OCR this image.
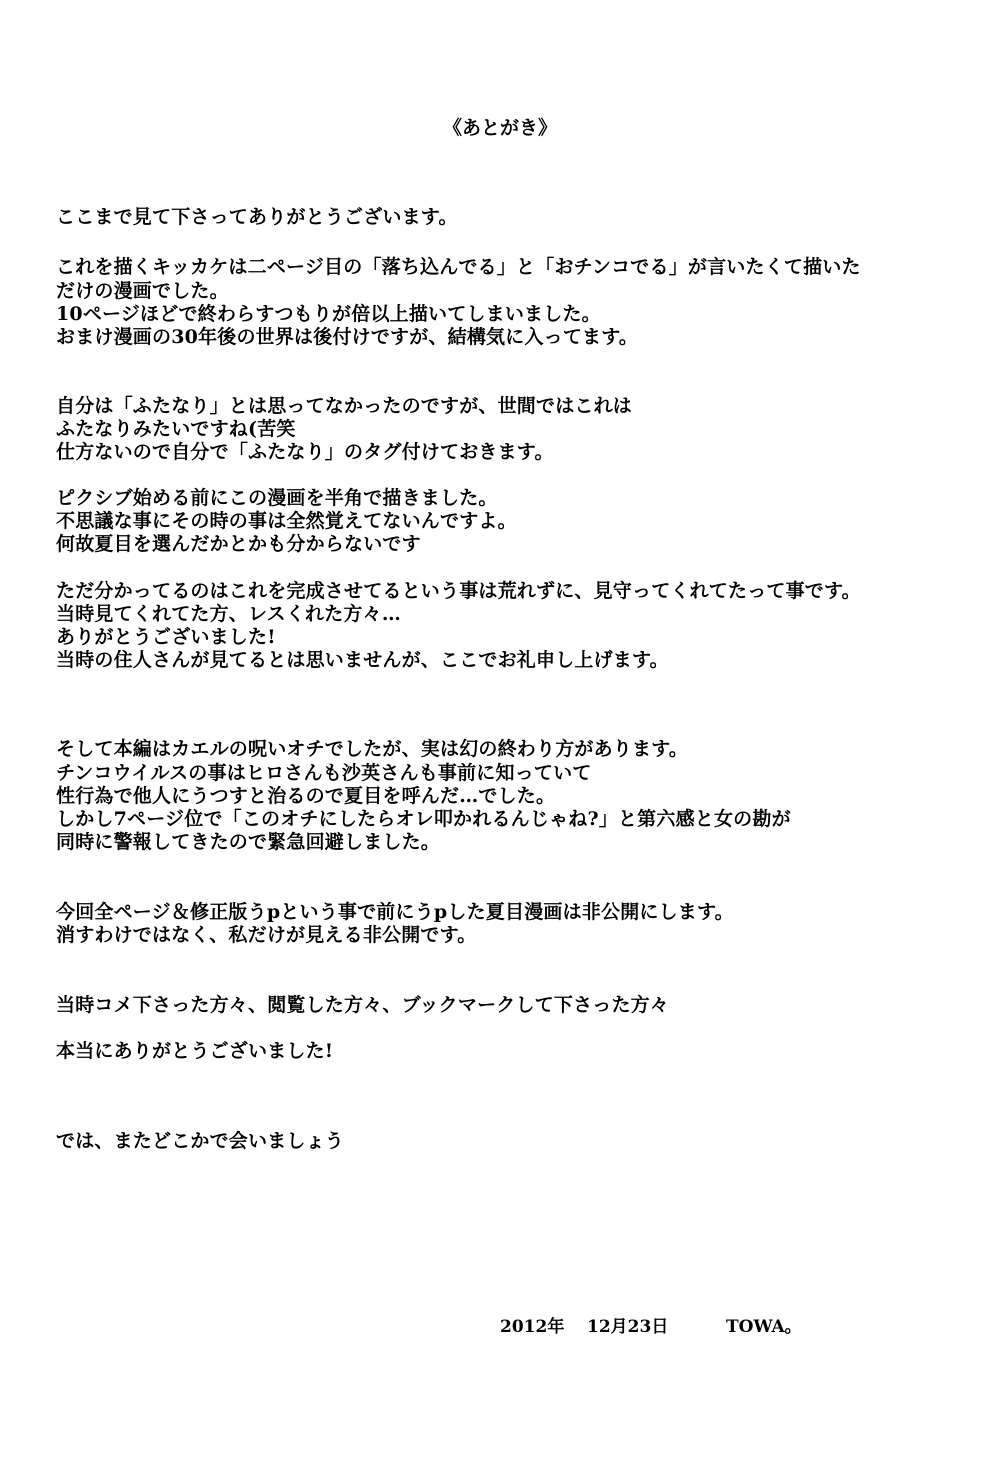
《あとがき》
ここまで見て下さってありがとうございます。
これを描くキッカケは二ページ目の「落ち込んでる」と「おチンコでる」が言いたくて描いた
だけの漫画でした。
10ページほどで終わらすつもりが倍以上描いてしまいました。
おまけ漫画の30年後の世界は後付けですが、結構気に入ってます。
自分は「ふたなり」とは思ってなかったのですが、世間ではこれは
ふたなりみたいですね(苦笑
仕方ないので自分で「ふたなり」のタグ付けておきます。
ピクシブ始める前にこの漫画を半角で描きました。
不思議な事にその時の事は全然覚えてないんですよ。
何故夏目を選んだかとかも分からないです
ただ分かってるのはこれを完成させてるという事は荒れずに、見守ってくれてたって事です。
当時見てくれてた方、レスくれた方々…
ありがとうございました!
当時の住人さんが見てるとは思いませんが、ここでお礼申し上げます。
そして本編はカエルの呪いオチでしたが、実は幻の終わり方があります。
チンコウイルスの事はヒロさんも沙英さんも事前に知っていて
性行為で他人にうつすと治るので夏目を呼んだ…でした。
しかし7ページ位で「このオチにしたらオレ叩かれるんじゃね?」と第六感と女の勘が
同時に警報してきたので緊急回避しました。
今回全ページ＆修正版うpという事で前にうpした夏目漫画は非公開にします。
消すわけではなく、私だけが見える非公開です。
当時コメ下さった方々、閲覧した方々、ブックマークして下さった方々
本当にありがとうございました!
では、またどこかで会いましょう
2012年 12月23日	TOWA。
